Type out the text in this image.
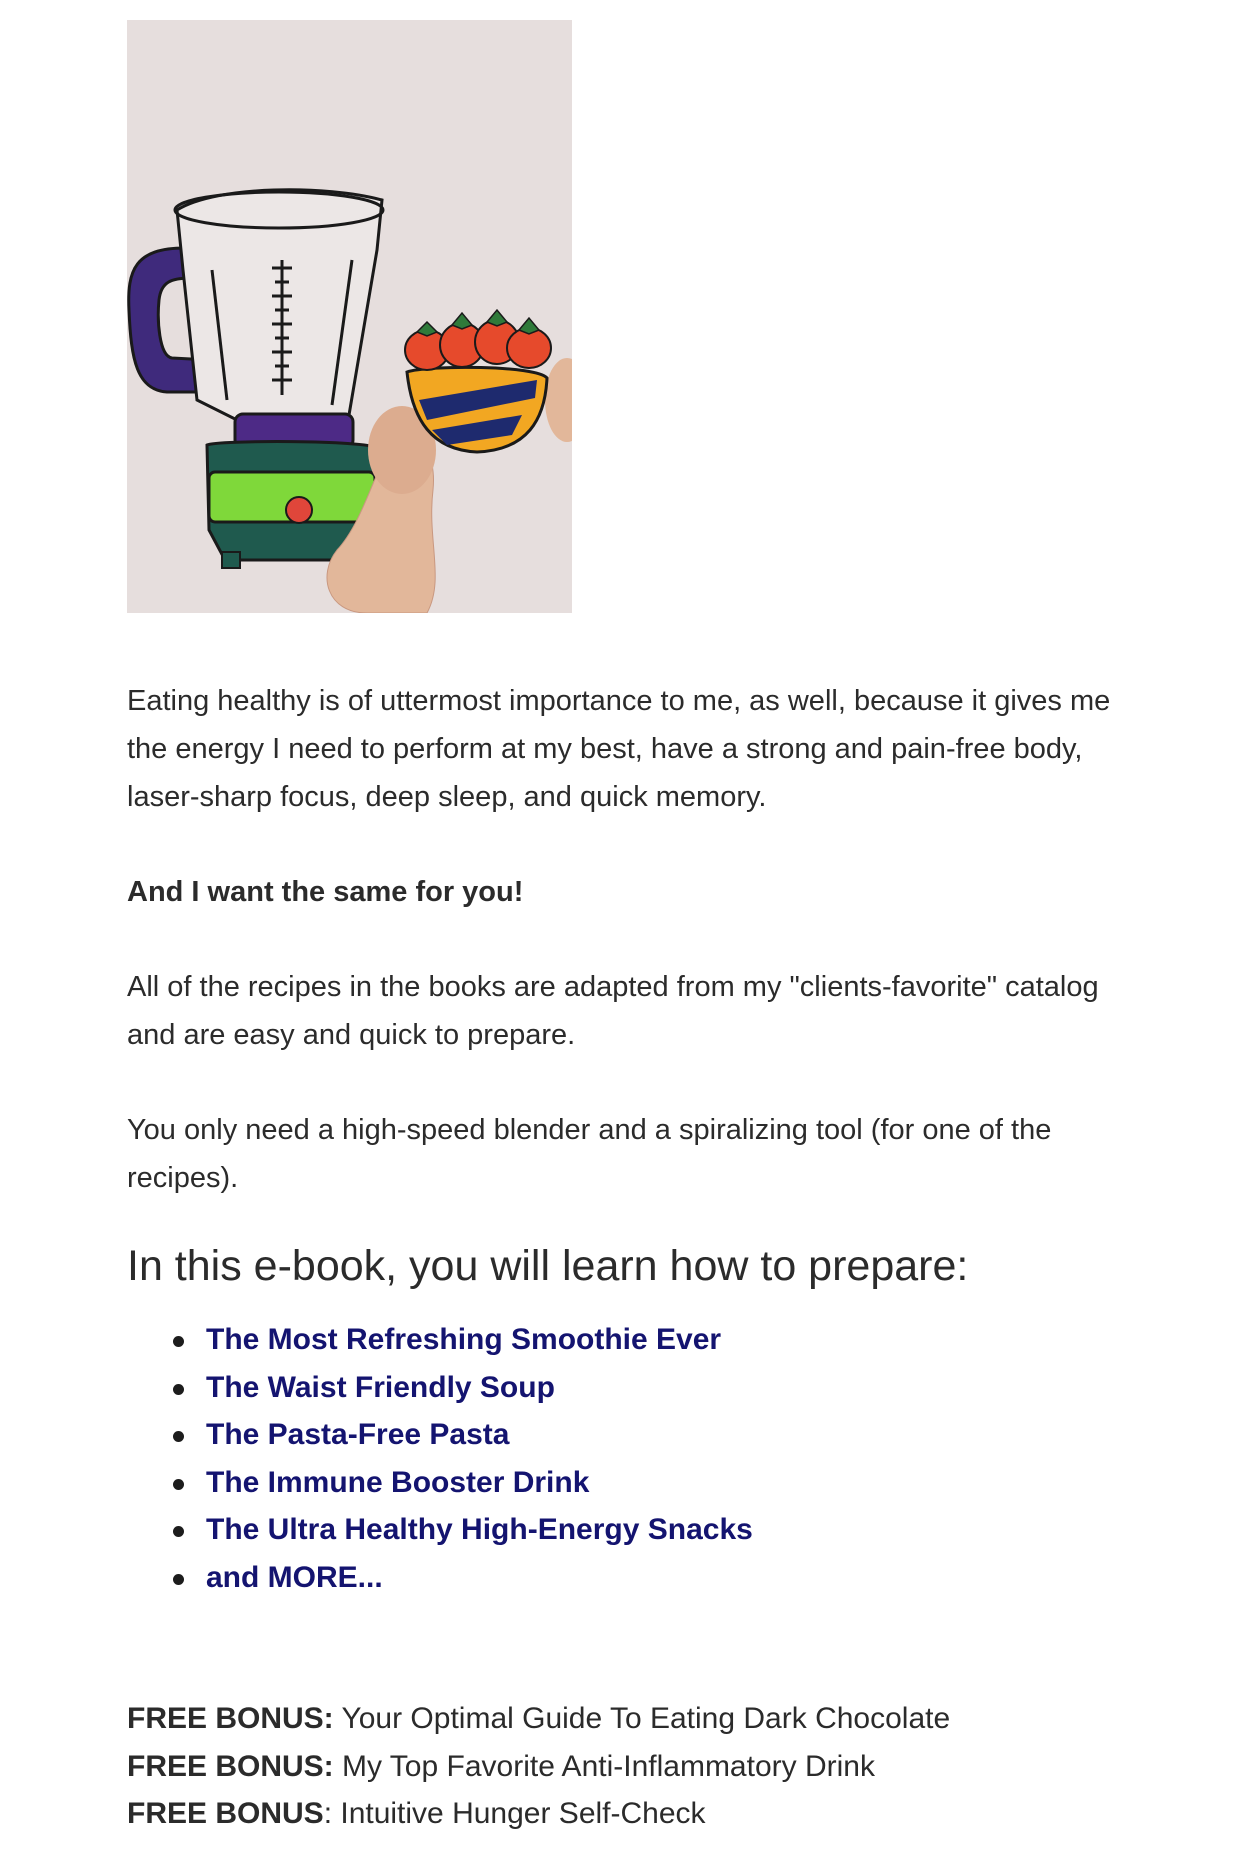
Eating healthy is of uttermost importance to me, as well, because it gives me the energy I need to perform at my best, have a strong and pain-free body, laser-sharp focus, deep sleep, and quick memory.

And I want the same for you!

All of the recipes in the books are adapted from my "clients-favorite" catalog and are easy and quick to prepare.

You only need a high-speed blender and a spiralizing tool (for one of the recipes).

In this e-book, you will learn how to prepare:
The Most Refreshing Smoothie Ever
The Waist Friendly Soup
The Pasta-Free Pasta
The Immune Booster Drink
The Ultra Healthy High-Energy Snacks
and MORE...

FREE BONUS: Your Optimal Guide To Eating Dark Chocolate

FREE BONUS: My Top Favorite Anti-Inflammatory Drink

FREE BONUS: Intuitive Hunger Self-Check
